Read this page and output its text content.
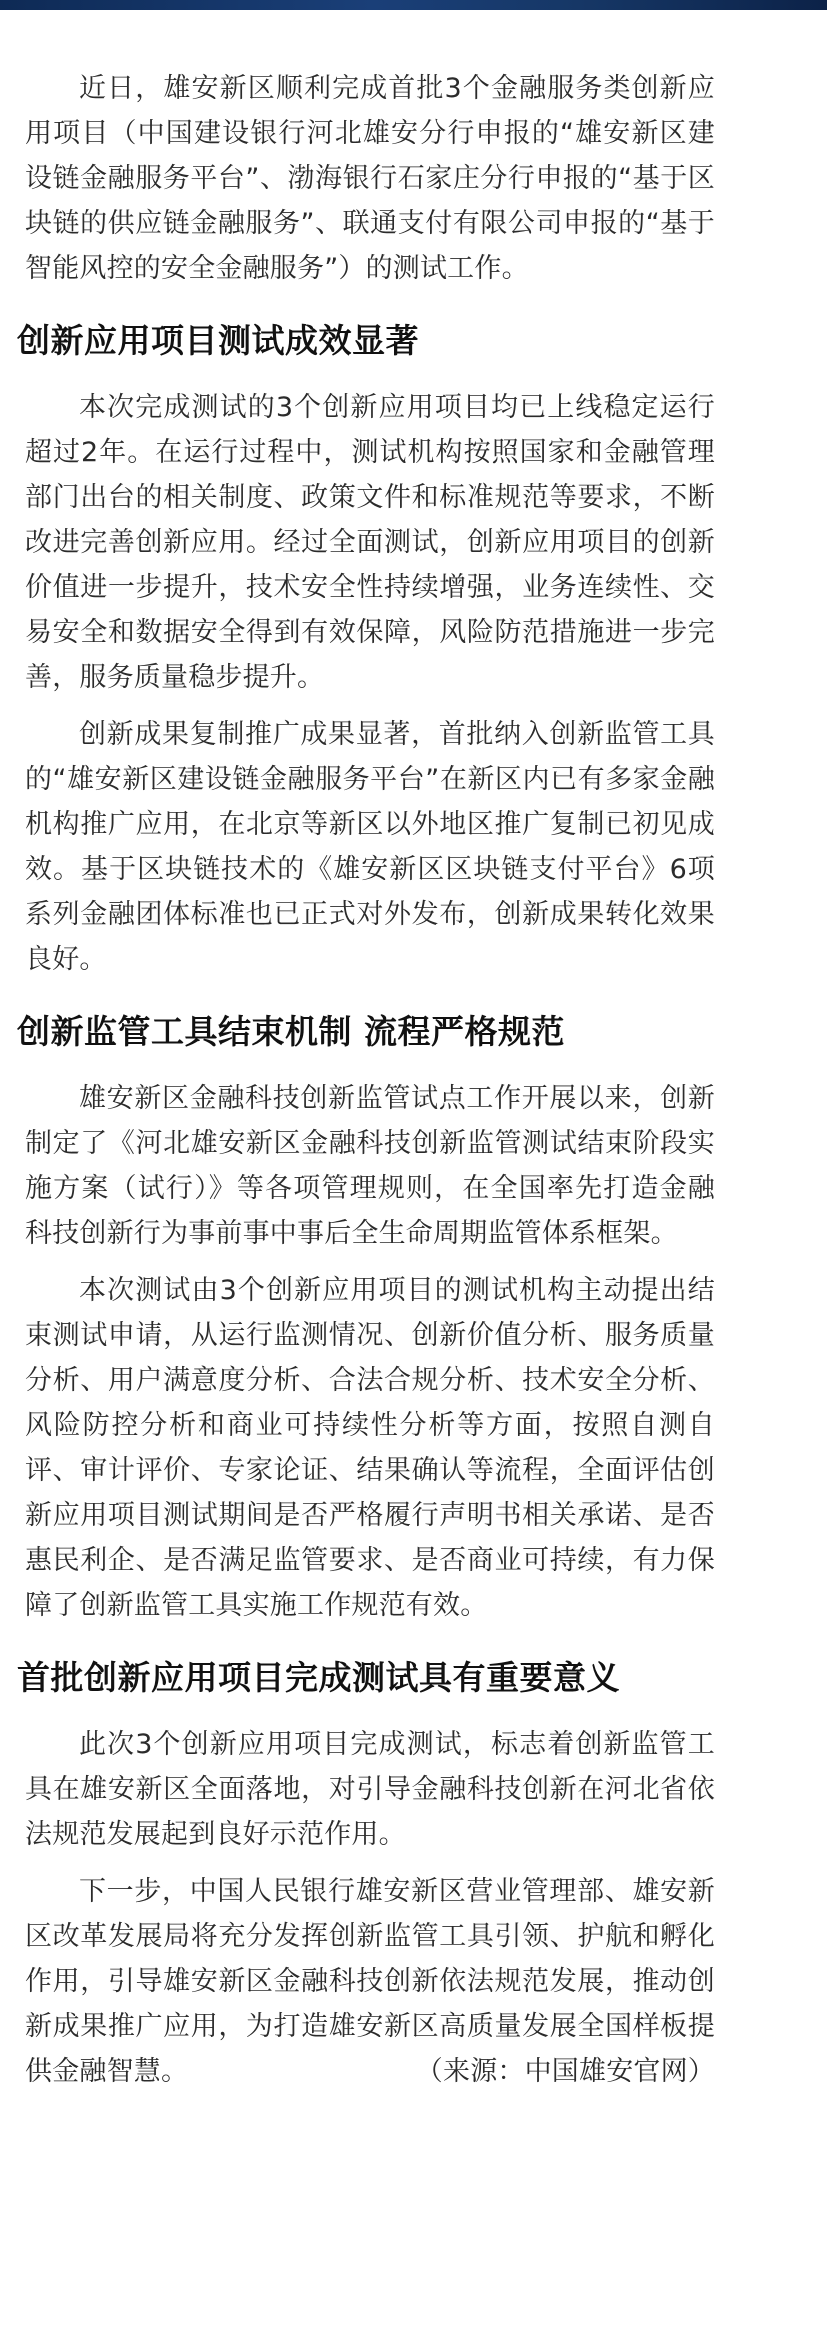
近日，雄安新区顺利完成首批3个金融服务类创新应用项目（中国建设银行河北雄安分行申报的“雄安新区建设链金融服务平台”、渤海银行石家庄分行申报的“基于区块链的供应链金融服务”、联通支付有限公司申报的“基于智能风控的安全金融服务”）的测试工作。

创新应用项目测试成效显著

本次完成测试的3个创新应用项目均已上线稳定运行超过2年。在运行过程中，测试机构按照国家和金融管理部门出台的相关制度、政策文件和标准规范等要求，不断改进完善创新应用。经过全面测试，创新应用项目的创新价值进一步提升，技术安全性持续增强，业务连续性、交易安全和数据安全得到有效保障，风险防范措施进一步完善，服务质量稳步提升。

创新成果复制推广成果显著，首批纳入创新监管工具的“雄安新区建设链金融服务平台”在新区内已有多家金融机构推广应用，在北京等新区以外地区推广复制已初见成效。基于区块链技术的《雄安新区区块链支付平台》6项系列金融团体标准也已正式对外发布，创新成果转化效果良好。

创新监管工具结束机制 流程严格规范

雄安新区金融科技创新监管试点工作开展以来，创新制定了《河北雄安新区金融科技创新监管测试结束阶段实施方案（试行）》等各项管理规则，在全国率先打造金融科技创新行为事前事中事后全生命周期监管体系框架。

本次测试由3个创新应用项目的测试机构主动提出结束测试申请，从运行监测情况、创新价值分析、服务质量分析、用户满意度分析、合法合规分析、技术安全分析、风险防控分析和商业可持续性分析等方面，按照自测自评、审计评价、专家论证、结果确认等流程，全面评估创新应用项目测试期间是否严格履行声明书相关承诺、是否惠民利企、是否满足监管要求、是否商业可持续，有力保障了创新监管工具实施工作规范有效。

首批创新应用项目完成测试具有重要意义

此次3个创新应用项目完成测试，标志着创新监管工具在雄安新区全面落地，对引导金融科技创新在河北省依法规范发展起到良好示范作用。

下一步，中国人民银行雄安新区营业管理部、雄安新区改革发展局将充分发挥创新监管工具引领、护航和孵化作用，引导雄安新区金融科技创新依法规范发展，推动创新成果推广应用，为打造雄安新区高质量发展全国样板提供金融智慧。	（来源：中国雄安官网）
